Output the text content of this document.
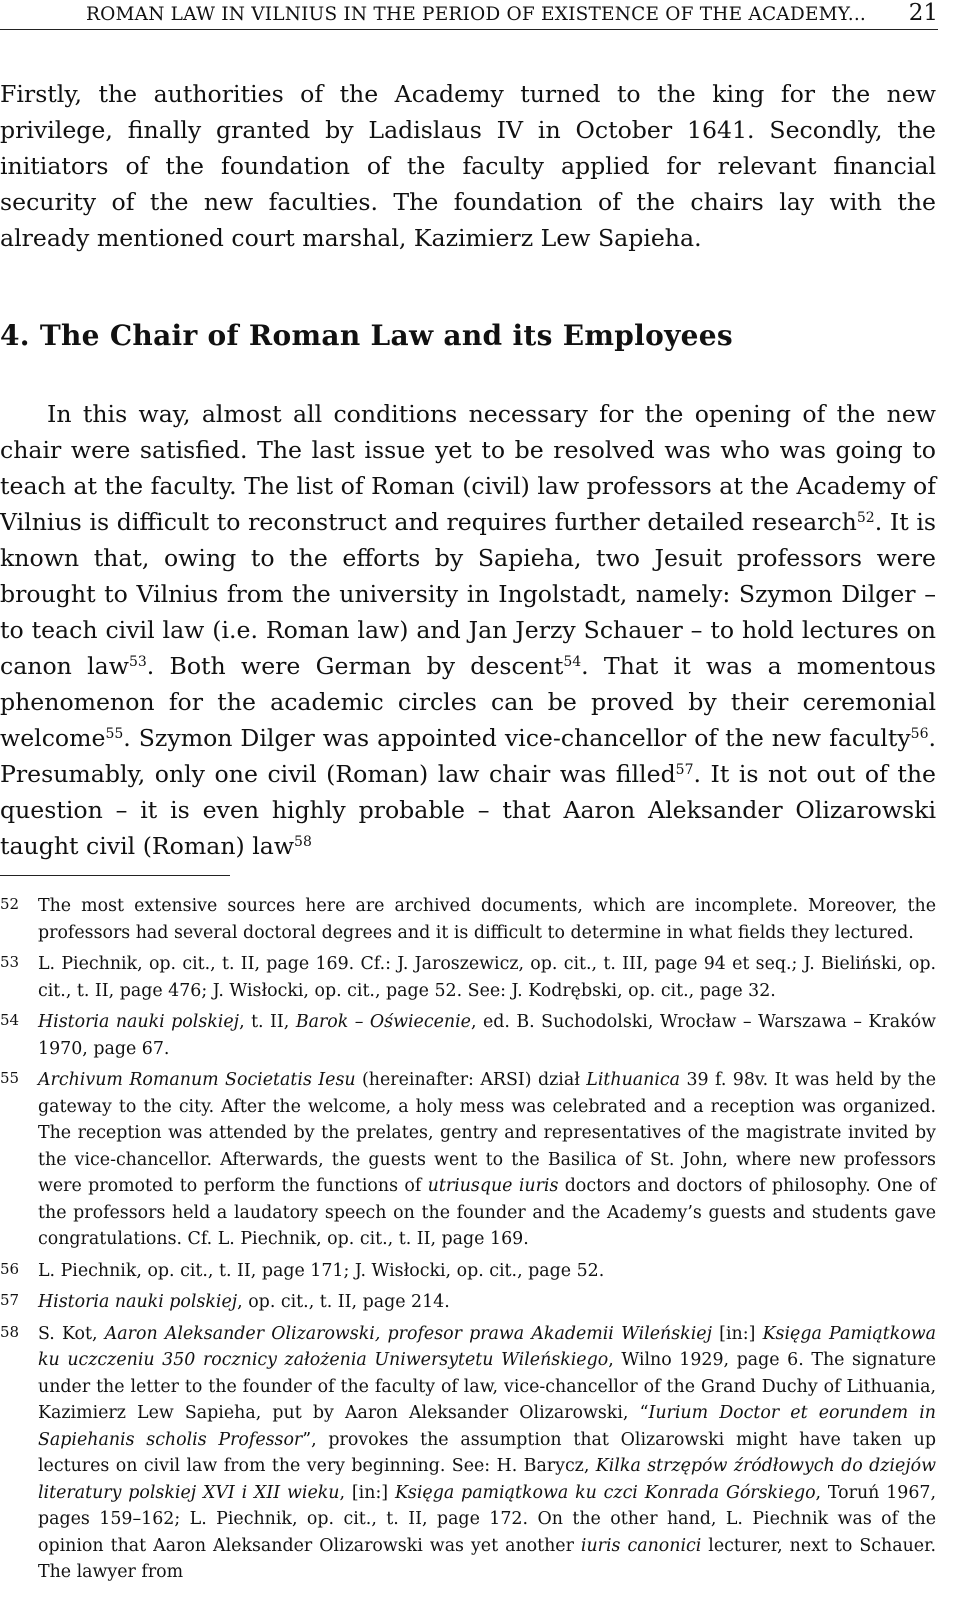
ROMAN LAW IN VILNIUS IN THE PERIOD OF EXISTENCE OF THE ACADEMY... 21

Firstly, the authorities of the Academy turned to the king for the new privilege, finally granted by Ladislaus IV in October 1641. Secondly, the initiators of the foundation of the faculty applied for relevant financial security of the new faculties. The foundation of the chairs lay with the already mentioned court marshal, Kazimierz Lew Sapieha.

4. The Chair of Roman Law and its Employees

In this way, almost all conditions necessary for the opening of the new chair were satisfied. The last issue yet to be resolved was who was going to teach at the faculty. The list of Roman (civil) law professors at the Academy of Vilnius is difficult to reconstruct and requires further detailed research$^{52}$. It is known that, owing to the efforts by Sapieha, two Jesuit professors were brought to Vilnius from the university in Ingolstadt, namely: Szymon Dilger – to teach civil law (i.e. Roman law) and Jan Jerzy Schauer – to hold lectures on canon law$^{53}$. Both were German by descent$^{54}$. That it was a momentous phenomenon for the academic circles can be proved by their ceremonial welcome$^{55}$. Szymon Dilger was appointed vice-chancellor of the new faculty$^{56}$. Presumably, only one civil (Roman) law chair was filled$^{57}$. It is not out of the question – it is even highly probable – that Aaron Aleksander Olizarowski taught civil (Roman) law$^{58}$

52 The most extensive sources here are archived documents, which are incomplete. Moreover, the professors had several doctoral degrees and it is difficult to determine in what fields they lectured.

53 L. Piechnik, op. cit., t. II, page 169. Cf.: J. Jaroszewicz, op. cit., t. III, page 94 et seq.; J. Bieliński, op. cit., t. II, page 476; J. Wisłocki, op. cit., page 52. See: J. Kodrębski, op. cit., page 32.

54 Historia nauki polskiej, t. II, Barok – Oświecenie, ed. B. Suchodolski, Wrocław – Warszawa – Kraków 1970, page 67.

55 Archivum Romanum Societatis Iesu (hereinafter: ARSI) dział Lithuanica 39 f. 98v. It was held by the gateway to the city. After the welcome, a holy mess was celebrated and a reception was organized. The reception was attended by the prelates, gentry and representatives of the magistrate invited by the vice-chancellor. Afterwards, the guests went to the Basilica of St. John, where new professors were promoted to perform the functions of utriusque iuris doctors and doctors of philosophy. One of the professors held a laudatory speech on the founder and the Academy’s guests and students gave congratulations. Cf. L. Piechnik, op. cit., t. II, page 169.

56 L. Piechnik, op. cit., t. II, page 171; J. Wisłocki, op. cit., page 52.

57 Historia nauki polskiej, op. cit., t. II, page 214.

58 S. Kot, Aaron Aleksander Olizarowski, profesor prawa Akademii Wileńskiej [in:] Księga Pamiątkowa ku uczczeniu 350 rocznicy założenia Uniwersytetu Wileńskiego, Wilno 1929, page 6. The signature under the letter to the founder of the faculty of law, vice-chancellor of the Grand Duchy of Lithuania, Kazimierz Lew Sapieha, put by Aaron Aleksander Olizarowski, “Iurium Doctor et eorundem in Sapiehanis scholis Professor”, provokes the assumption that Olizarowski might have taken up lectures on civil law from the very beginning. See: H. Barycz, Kilka strzępów źródłowych do dziejów literatury polskiej XVI i XII wieku, [in:] Księga pamiątkowa ku czci Konrada Górskiego, Toruń 1967, pages 159–162; L. Piechnik, op. cit., t. II, page 172. On the other hand, L. Piechnik was of the opinion that Aaron Aleksander Olizarowski was yet another iuris canonici lecturer, next to Schauer. The lawyer from
